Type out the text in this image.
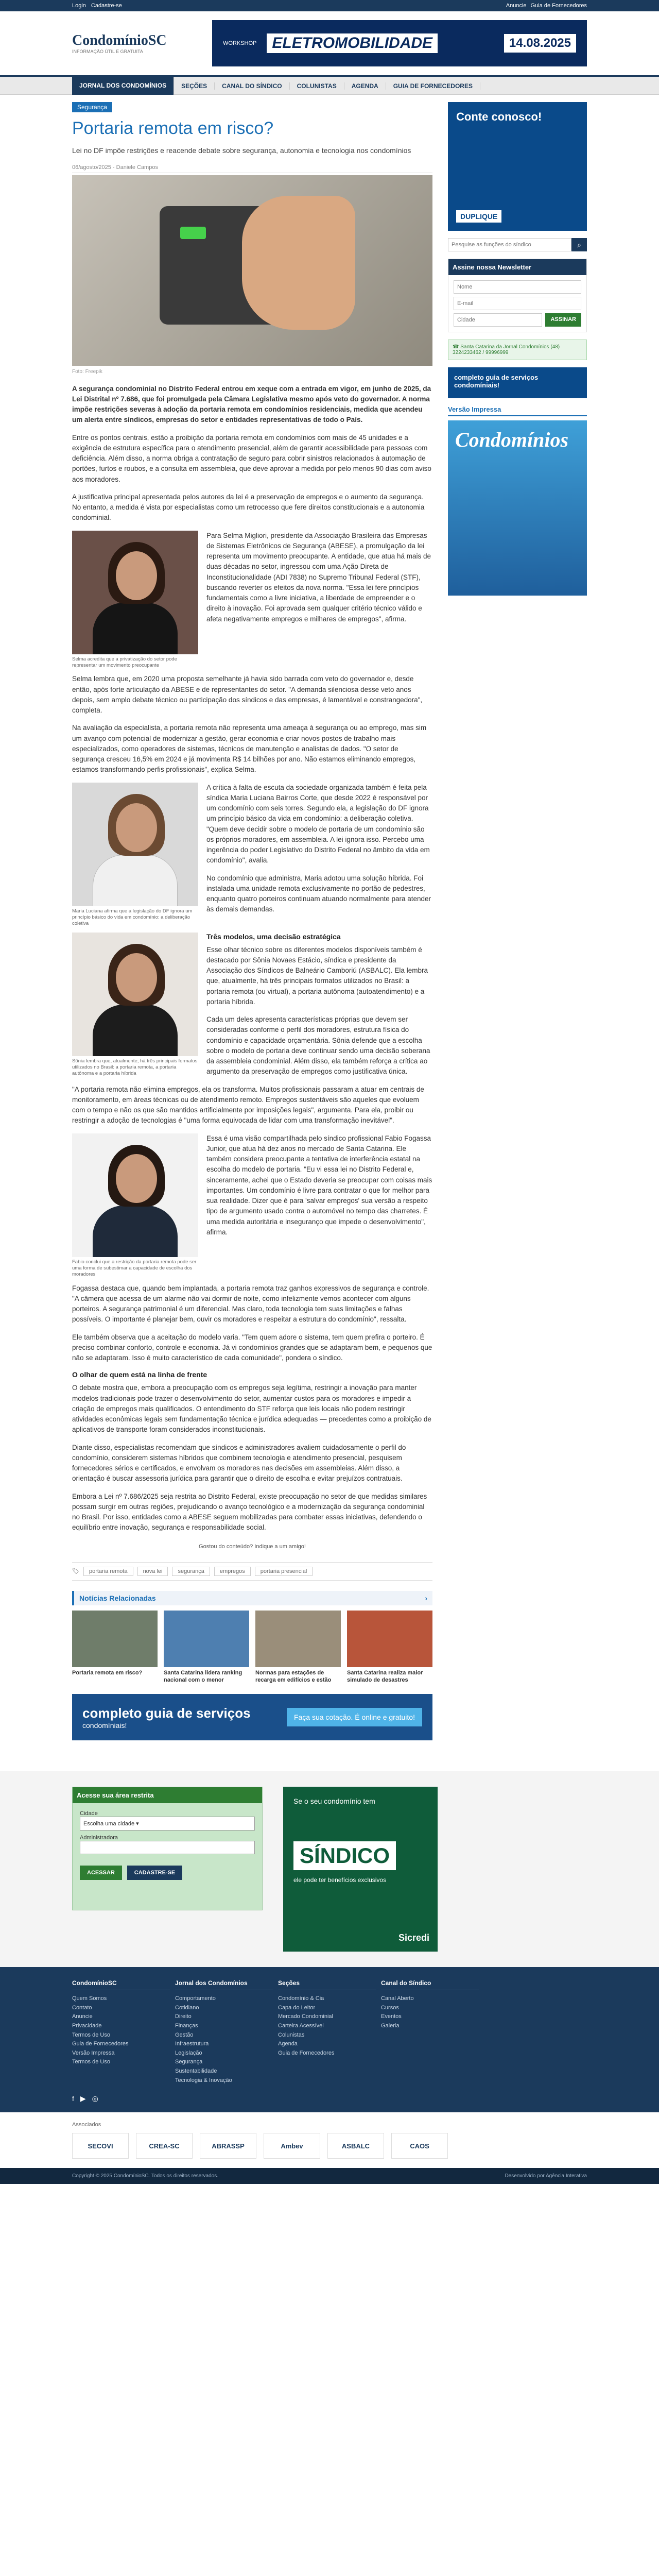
Login Cadastre-se	Anuncie Guia de Fornecedores
CondomínioSC
INFORMAÇÃO ÚTIL E GRATUITA
WORKSHOP	ELETROMOBILIDADE	14.08.2025
JORNAL DOS CONDOMÍNIOS	SEÇÕES	CANAL DO SÍNDICO	COLUNISTAS	AGENDA	GUIA DE FORNECEDORES
Segurança
Portaria remota em risco?

Lei no DF impõe restrições e reacende debate sobre segurança, autonomia e tecnologia nos condomínios

06/agosto/2025 - Daniele Campos
Foto: Freepik

A segurança condominial no Distrito Federal entrou em xeque com a entrada em vigor, em junho de 2025, da Lei Distrital nº 7.686, que foi promulgada pela Câmara Legislativa mesmo após veto do governador. A norma impõe restrições severas à adoção da portaria remota em condomínios residenciais, medida que acendeu um alerta entre síndicos, empresas do setor e entidades representativas de todo o País.

Entre os pontos centrais, estão a proibição da portaria remota em condomínios com mais de 45 unidades e a exigência de estrutura específica para o atendimento presencial, além de garantir acessibilidade para pessoas com deficiência. Além disso, a norma obriga a contratação de seguro para cobrir sinistros relacionados à automação de portões, furtos e roubos, e a consulta em assembleia, que deve aprovar a medida por pelo menos 90 dias com aviso aos moradores.

A justificativa principal apresentada pelos autores da lei é a preservação de empregos e o aumento da segurança. No entanto, a medida é vista por especialistas como um retrocesso que fere direitos constitucionais e a autonomia condominial.

Selma acredita que a privatização do setor pode representar um movimento preocupante

Para Selma Migliori, presidente da Associação Brasileira das Empresas de Sistemas Eletrônicos de Segurança (ABESE), a promulgação da lei representa um movimento preocupante. A entidade, que atua há mais de duas décadas no setor, ingressou com uma Ação Direta de Inconstitucionalidade (ADI 7838) no Supremo Tribunal Federal (STF), buscando reverter os efeitos da nova norma. "Essa lei fere princípios fundamentais como a livre iniciativa, a liberdade de empreender e o direito à inovação. Foi aprovada sem qualquer critério técnico válido e afeta negativamente empregos e milhares de empregos", afirma.

Selma lembra que, em 2020 uma proposta semelhante já havia sido barrada com veto do governador e, desde então, após forte articulação da ABESE e de representantes do setor. "A demanda silenciosa desse veto anos depois, sem amplo debate técnico ou participação dos síndicos e das empresas, é lamentável e constrangedora", completa.

Na avaliação da especialista, a portaria remota não representa uma ameaça à segurança ou ao emprego, mas sim um avanço com potencial de modernizar a gestão, gerar economia e criar novos postos de trabalho mais especializados, como operadores de sistemas, técnicos de manutenção e analistas de dados. "O setor de segurança cresceu 16,5% em 2024 e já movimenta R$ 14 bilhões por ano. Não estamos eliminando empregos, estamos transformando perfis profissionais", explica Selma.

Maria Luciana afirma que a legislação do DF ignora um princípio básico do vida em condomínio: a deliberação coletiva

A crítica à falta de escuta da sociedade organizada também é feita pela síndica Maria Luciana Bairros Corte, que desde 2022 é responsável por um condomínio com seis torres. Segundo ela, a legislação do DF ignora um princípio básico da vida em condomínio: a deliberação coletiva. "Quem deve decidir sobre o modelo de portaria de um condomínio são os próprios moradores, em assembleia. A lei ignora isso. Percebo uma ingerência do poder Legislativo do Distrito Federal no âmbito da vida em condomínio", avalia.

No condomínio que administra, Maria adotou uma solução híbrida. Foi instalada uma unidade remota exclusivamente no portão de pedestres, enquanto quatro porteiros continuam atuando normalmente para atender às demais demandas.

Sônia lembra que, atualmente, há três principais formatos utilizados no Brasil: a portaria remota, a portaria autônoma e a portaria híbrida
Três modelos, uma decisão estratégica

Esse olhar técnico sobre os diferentes modelos disponíveis também é destacado por Sônia Novaes Estácio, síndica e presidente da Associação dos Síndicos de Balneário Camboriú (ASBALC). Ela lembra que, atualmente, há três principais formatos utilizados no Brasil: a portaria remota (ou virtual), a portaria autônoma (autoatendimento) e a portaria híbrida.

Cada um deles apresenta características próprias que devem ser consideradas conforme o perfil dos moradores, estrutura física do condomínio e capacidade orçamentária. Sônia defende que a escolha sobre o modelo de portaria deve continuar sendo uma decisão soberana da assembleia condominial. Além disso, ela também reforça a crítica ao argumento da preservação de empregos como justificativa única.

"A portaria remota não elimina empregos, ela os transforma. Muitos profissionais passaram a atuar em centrais de monitoramento, em áreas técnicas ou de atendimento remoto. Empregos sustentáveis são aqueles que evoluem com o tempo e não os que são mantidos artificialmente por imposições legais", argumenta. Para ela, proibir ou restringir a adoção de tecnologias é "uma forma equivocada de lidar com uma transformação inevitável".

Fabio conclui que a restrição da portaria remota pode ser uma forma de subestimar a capacidade de escolha dos moradores

Essa é uma visão compartilhada pelo síndico profissional Fabio Fogassa Junior, que atua há dez anos no mercado de Santa Catarina. Ele também considera preocupante a tentativa de interferência estatal na escolha do modelo de portaria. "Eu vi essa lei no Distrito Federal e, sinceramente, achei que o Estado deveria se preocupar com coisas mais importantes. Um condomínio é livre para contratar o que for melhor para sua realidade. Dizer que é para 'salvar empregos' sua versão a respeito tipo de argumento usado contra o automóvel no tempo das charretes. É uma medida autoritária e inseguranço que impede o desenvolvimento", afirma.

Fogassa destaca que, quando bem implantada, a portaria remota traz ganhos expressivos de segurança e controle. "A câmera que acessa de um alarme não vai dormir de noite, como infelizmente vemos acontecer com alguns porteiros. A segurança patrimonial é um diferencial. Mas claro, toda tecnologia tem suas limitações e falhas possíveis. O importante é planejar bem, ouvir os moradores e respeitar a estrutura do condomínio", ressalta.

Ele também observa que a aceitação do modelo varia. "Tem quem adore o sistema, tem quem prefira o porteiro. É preciso combinar conforto, controle e economia. Já vi condomínios grandes que se adaptaram bem, e pequenos que não se adaptaram. Isso é muito característico de cada comunidade", pondera o síndico.

O olhar de quem está na linha de frente

O debate mostra que, embora a preocupação com os empregos seja legítima, restringir a inovação para manter modelos tradicionais pode trazer o desenvolvimento do setor, aumentar custos para os moradores e impedir a criação de empregos mais qualificados. O entendimento do STF reforça que leis locais não podem restringir atividades econômicas legais sem fundamentação técnica e jurídica adequadas — precedentes como a proibição de aplicativos de transporte foram considerados inconstitucionais.

Diante disso, especialistas recomendam que síndicos e administradores avaliem cuidadosamente o perfil do condomínio, considerem sistemas híbridos que combinem tecnologia e atendimento presencial, pesquisem fornecedores sérios e certificados, e envolvam os moradores nas decisões em assembleias. Além disso, a orientação é buscar assessoria jurídica para garantir que o direito de escolha e evitar prejuízos contratuais.

Embora a Lei nº 7.686/2025 seja restrita ao Distrito Federal, existe preocupação no setor de que medidas similares possam surgir em outras regiões, prejudicando o avanço tecnológico e a modernização da segurança condominial no Brasil. Por isso, entidades como a ABESE seguem mobilizadas para combater essas iniciativas, defendendo o equilíbrio entre inovação, segurança e responsabilidade social.

Gostou do conteúdo? Indique a um amigo!
🏷	portaria remota	nova lei	segurança	empregos	portaria presencial
Notícias Relacionadas	›
Portaria remota em risco?	Santa Catarina lidera ranking nacional com o menor
Normas para estações de recarga em edifícios e estão
Santa Catarina realiza maior simulado de desastres
completo guia de serviços
condomíniais!
Faça sua cotação. É online e gratuito!
Conte conosco!
DUPLIQUE
Pesquise as funções do síndico
⌕
Assine nossa Newsletter
Nome E-mail
Cidade
ASSINAR
☎ Santa Catarina da Jornal Condomínios (48) 3224233462 / 99996999
completo guia de serviços condomíniais!
Versão Impressa
Condomínios
Acesse sua área restrita
Cidade
Escolha uma cidade ▾
Administradora
ACESSAR	CADASTRE-SE
Se o seu condomínio tem
SÍNDICO
ele pode ter benefícios exclusivos
Sicredi
CondomínioSC
Quem Somos
Contato
Anuncie
Privacidade
Termos de Uso
Guia de Fornecedores
Versão Impressa
Termos de Uso
Jornal dos Condomínios
Comportamento
Cotidiano
Direito
Finanças
Gestão
Infraestrutura
Legislação
Segurança
Sustentabilidade
Tecnologia & Inovação
Seções
Condomínio & Cia
Capa do Leitor
Mercado Condominial
Carteira Acessível
Colunistas
Agenda
Guia de Fornecedores
Canal do Síndico
Canal Aberto
Cursos
Eventos
Galeria
f ▶ ◎
Associados
SECOVI	CREA-SC	ABRASSP	Ambev	ASBALC	CAOS
Copyright © 2025 CondomínioSC. Todos os direitos reservados.	Desenvolvido por Agência Interativa
